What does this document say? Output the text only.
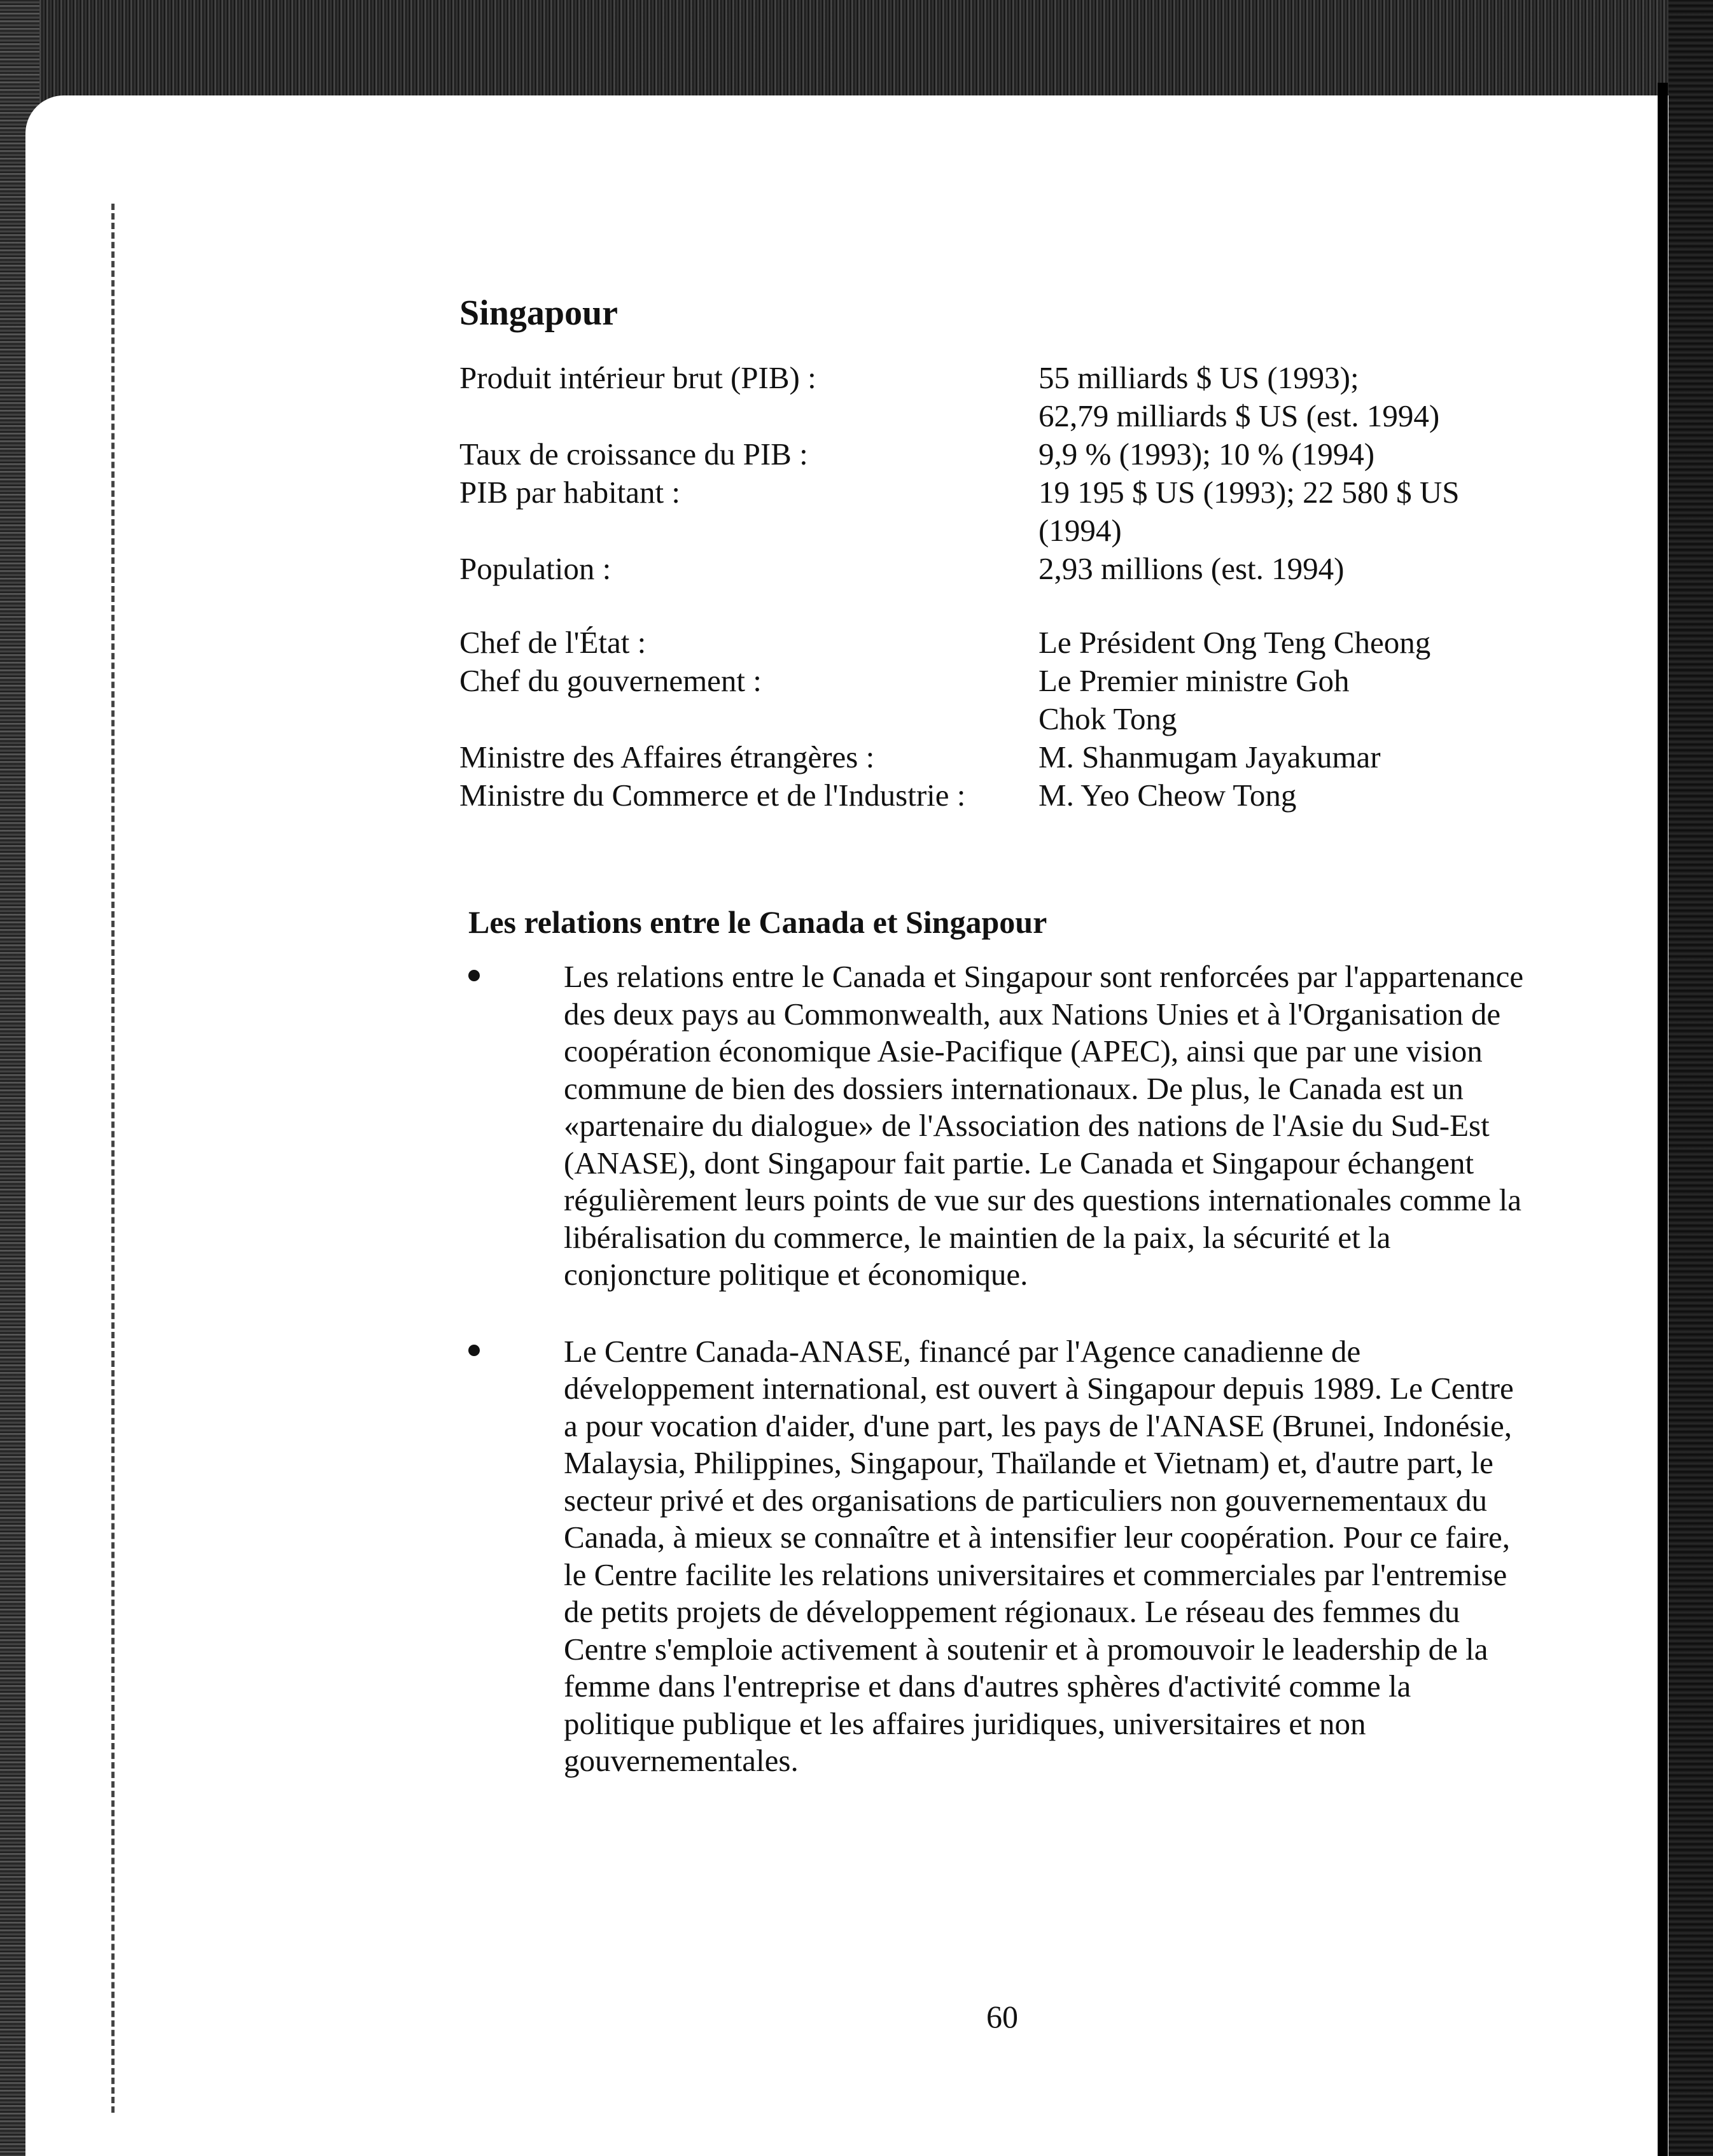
Singapour
Produit intérieur brut (PIB) :	55 milliards $ US (1993);
62,79 milliards $ US (est. 1994)
Taux de croissance du PIB :	9,9 % (1993); 10 % (1994)
PIB par habitant :	19 195 $ US (1993); 22 580 $ US
(1994)
Population :	2,93 millions (est. 1994)
Chef de l'État :	Le Président Ong Teng Cheong
Chef du gouvernement :	Le Premier ministre Goh
Chok Tong
Ministre des Affaires étrangères :	M. Shanmugam Jayakumar
Ministre du Commerce et de l'Industrie :	M. Yeo Cheow Tong
Les relations entre le Canada et Singapour
Les relations entre le Canada et Singapour sont renforcées par l'appartenance des deux pays au Commonwealth, aux Nations Unies et à l'Organisation de coopération économique Asie-Pacifique (APEC), ainsi que par une vision commune de bien des dossiers internationaux. De plus, le Canada est un «partenaire du dialogue» de l'Association des nations de l'Asie du Sud-Est (ANASE), dont Singapour fait partie. Le Canada et Singapour échangent régulièrement leurs points de vue sur des questions internationales comme la libéralisation du commerce, le maintien de la paix, la sécurité et la conjoncture politique et économique.
Le Centre Canada-ANASE, financé par l'Agence canadienne de développement international, est ouvert à Singapour depuis 1989. Le Centre a pour vocation d'aider, d'une part, les pays de l'ANASE (Brunei, Indonésie, Malaysia, Philippines, Singapour, Thaïlande et Vietnam) et, d'autre part, le secteur privé et des organisations de particuliers non gouvernementaux du Canada, à mieux se connaître et à intensifier leur coopération. Pour ce faire, le Centre facilite les relations universitaires et commerciales par l'entremise de petits projets de développement régionaux. Le réseau des femmes du Centre s'emploie activement à soutenir et à promouvoir le leadership de la femme dans l'entreprise et dans d'autres sphères d'activité comme la politique publique et les affaires juridiques, universitaires et non gouvernementales.
60
